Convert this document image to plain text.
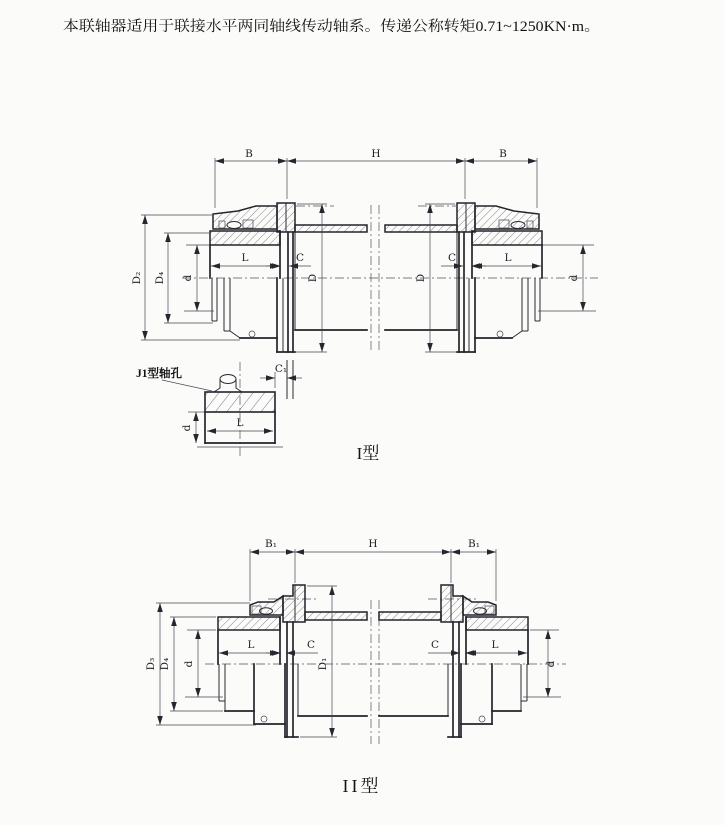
本联轴器适用于联接水平两同轴线传动轴系。传递公称转矩0.71~1250KN·m。
B	H	B
D₂ D₄ d
L	C
D	D
C	L
d
L
d
C₁
J1型轴孔
I型
B₁	H	B₁
D₃ D₄ d
L	C
D₁
C	L
d
II型
